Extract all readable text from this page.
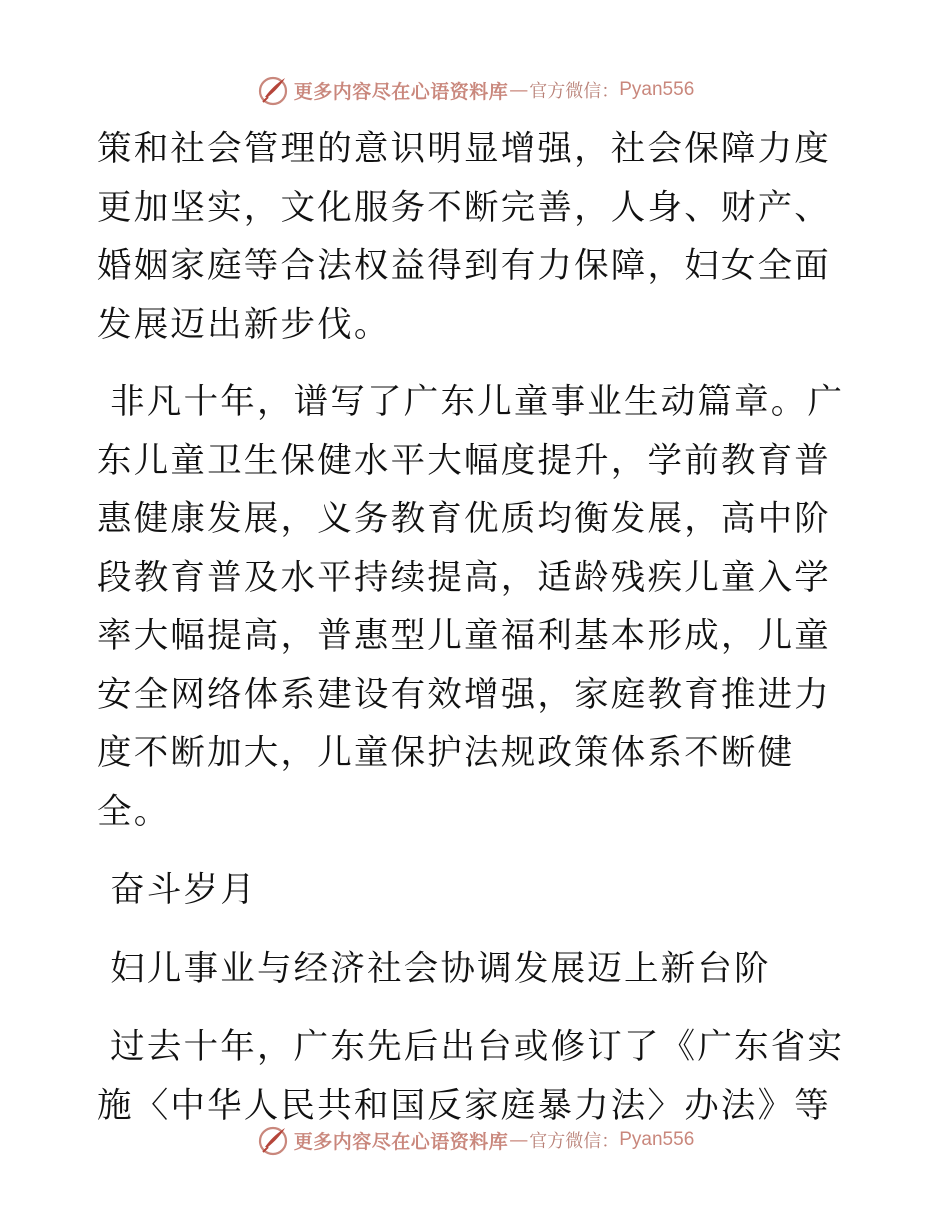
更多内容尽在心语资料库 — 官方微信： Pyan556

策和社会管理的意识明显增强，社会保障力度更加坚实，文化服务不断完善，人身、财产、婚姻家庭等合法权益得到有力保障，妇女全面发展迈出新步伐。

非凡十年，谱写了广东儿童事业生动篇章。广东儿童卫生保健水平大幅度提升，学前教育普惠健康发展，义务教育优质均衡发展，高中阶段教育普及水平持续提高，适龄残疾儿童入学率大幅提高，普惠型儿童福利基本形成，儿童安全网络体系建设有效增强，家庭教育推进力度不断加大，儿童保护法规政策体系不断健全。

奋斗岁月

妇儿事业与经济社会协调发展迈上新台阶

过去十年，广东先后出台或修订了《广东省实施〈中华人民共和国反家庭暴力法〉办法》等

更多内容尽在心语资料库 — 官方微信： Pyan556
